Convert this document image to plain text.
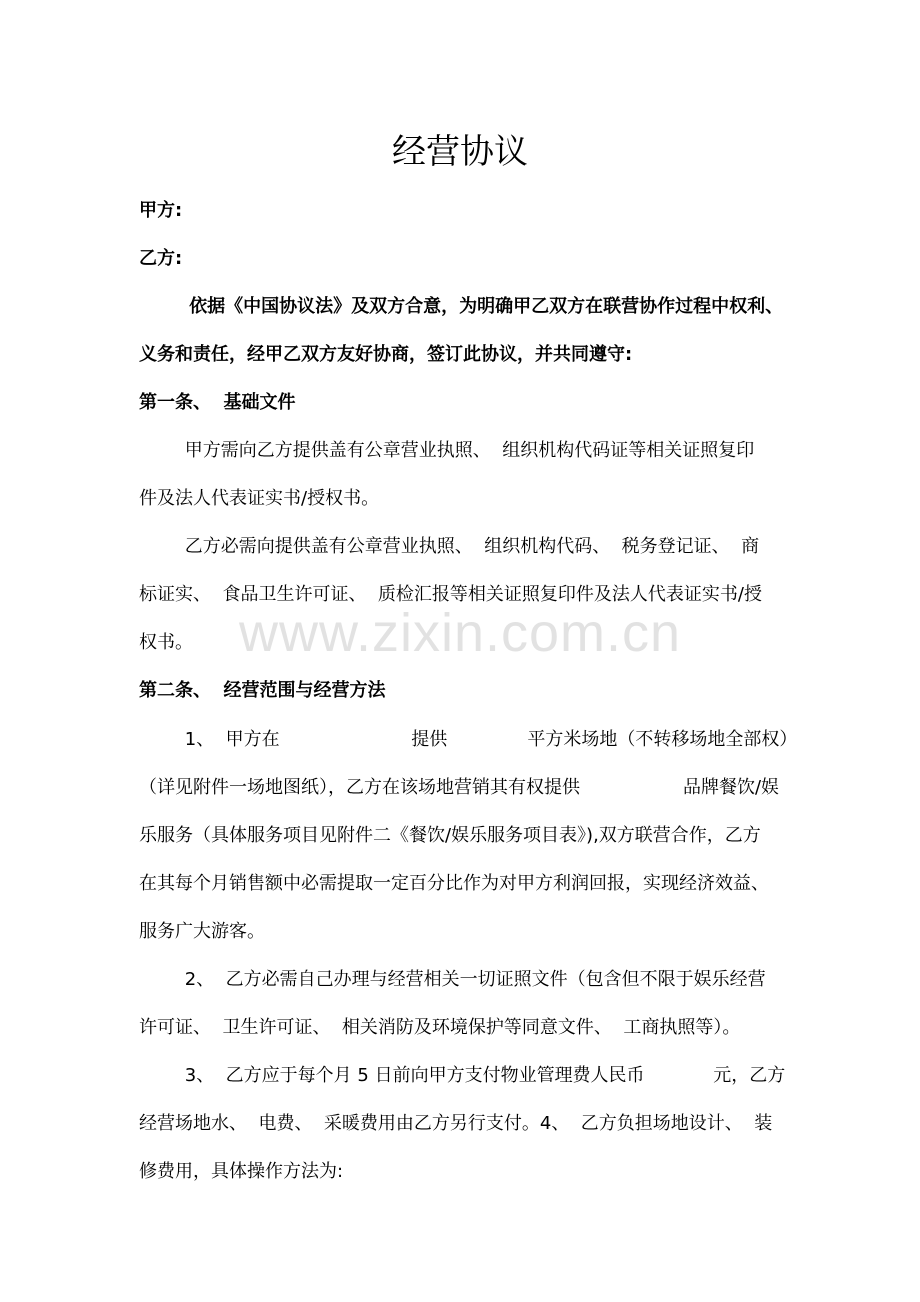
经营协议
甲方:
乙方:
依据《中国协议法》及双方合意，为明确甲乙双方在联营协作过程中权利、
义务和责任，经甲乙双方友好协商，签订此协议，并共同遵守:
第一条、  基础文件
甲方需向乙方提供盖有公章营业执照、  组织机构代码证等相关证照复印
件及法人代表证实书/授权书。
乙方必需向提供盖有公章营业执照、  组织机构代码、  税务登记证、  商
标证实、  食品卫生许可证、  质检汇报等相关证照复印件及法人代表证实书/授
权书。
第二条、  经营范围与经营方法
1、  甲方在                       提供              平方米场地（不转移场地全部权）
（详见附件一场地图纸），乙方在该场地营销其有权提供                  品牌餐饮/娱
乐服务（具体服务项目见附件二《餐饮/娱乐服务项目表》),双方联营合作，乙方
在其每个月销售额中必需提取一定百分比作为对甲方利润回报，实现经济效益、
服务广大游客。
2、  乙方必需自己办理与经营相关一切证照文件（包含但不限于娱乐经营
许可证、  卫生许可证、  相关消防及环境保护等同意文件、  工商执照等）。
3、  乙方应于每个月 5 日前向甲方支付物业管理费人民币            元，乙方
经营场地水、  电费、  采暖费用由乙方另行支付。4、  乙方负担场地设计、  装
修费用，具体操作方法为:
www.zixin.com.cn
